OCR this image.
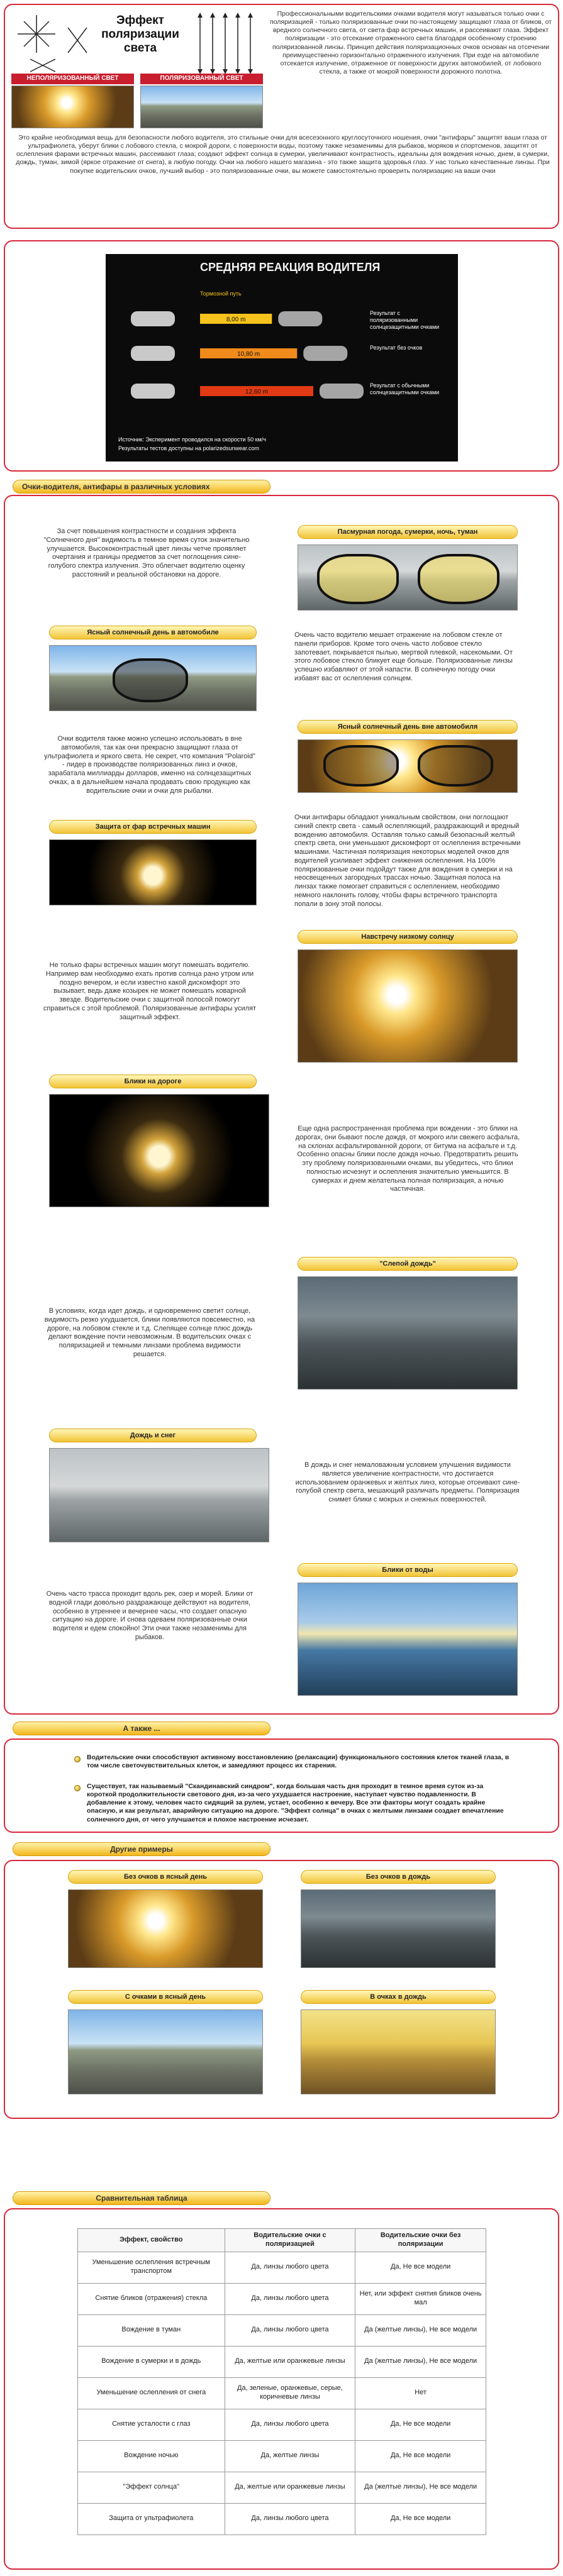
Эффект
поляризации
света
НЕПОЛЯРИЗОВАННЫЙ СВЕТ	ПОЛЯРИЗОВАННЫЙ СВЕТ
Профессиональными водительскими очками водителя могут называться только очки с поляризацией - только поляризованные очки по-настоящему защищают глаза от бликов, от вредного солнечного света, от света фар встречных машин, и рассеивают глаза. Эффект поляризации - это отсекание отраженного света благодаря особенному строению поляризованной линзы. Принцип действия поляризационных очков основан на отсечении преимущественно горизонтально отраженного излучения. При езде на автомобиле отсекается излучение, отраженное от поверхности других автомобилей, от лобового стекла, а также от мокрой поверхности дорожного полотна.
Это крайне необходимая вещь для безопасности любого водителя, это стильные очки для всесезонного круглосуточного ношения, очки "антифары" защитят ваши глаза от ультрафиолета, уберут блики с лобового стекла, с мокрой дороги, с поверхности воды, поэтому также незаменимы для рыбаков, моряков и спортсменов, защитят от ослепления фарами встречных машин, рассеивают глаза; создают эффект солнца в сумерки, увеличивают контрастность, идеальны для вождения ночью, днем, в сумерки, дождь, туман, зимой (яркое отражение от снега), в любую погоду. Очки на любого нашего магазина - это также защита здоровья глаз. У нас только качественные линзы. При покупке водительских очков, лучший выбор - это поляризованные очки, вы можете самостоятельно проверить поляризацию на ваши очки
СРЕДНЯЯ РЕАКЦИЯ ВОДИТЕЛЯ
Тормозной путь
8,00 m
Результат с поляризованными солнцезащитными очками
10,80 m
Результат без очков
12,60 m
Результат с обычными солнцезащитными очками
Источник: Эксперимент проводился на скорости 50 км/ч
Результаты тестов доступны на polarizedsunwear.com
Очки-водителя, антифары в различных условиях
За счет повышения контрастности и создания эффекта "Солнечного дня" видимость в темное время суток значительно улучшается. Высококонтрастный цвет линзы четче проявляет очертания и границы предметов за счет поглощения сине-голубого спектра излучения. Это облегчает водителю оценку расстояний и реальной обстановки на дороге.
Пасмурная погода, сумерки, ночь, туман
Ясный солнечный день в автомобиле	Очень часто водителю мешает отражение на лобовом стекле от панели приборов. Кроме того очень часто лобовое стекло запотевает, покрывается пылью, мертвой плевкой, насекомыми. От этого лобовое стекло бликует еще больше. Поляризованные линзы успешно избавляют от этой напасти. В солнечную погоду очки избавят вас от ослепления солнцем.
Очки водителя также можно успешно использовать в вне автомобиля, так как они прекрасно защищают глаза от ультрафиолета и яркого света. Не секрет, что компания "Polaroid" - лидер в производстве поляризованных линз и очков, зарабатала миллиарды долларов, именно на солнцезащитных очках, а в дальнейшем начала продавать свою продукцию как водительские очки и очки для рыбалки.
Ясный солнечный день вне автомобиля
Защита от фар встречных машин
Очки антифары обладают уникальным свойством, они поглощают синий спектр света - самый ослепляющий, раздражающий и вредный вождению автомобиля. Оставляя только самый безопасный желтый спектр света, они уменьшают дискомфорт от ослепления встречными машинами. Частичная поляризация некоторых моделей очков для водителей усиливает эффект снижения ослепления. На 100% поляризованные очки подойдут также для вождения в сумерки и на неосвещенных загородных трассах ночью. Защитная полоса на линзах также помогает справиться с ослеплением, необходимо немного наклонить голову, чтобы фары встречного транспорта попали в зону этой полосы.
Не только фары встречных машин могут помешать водителю. Например вам необходимо ехать против солнца рано утром или поздно вечером, и если известно какой дискомфорт это вызывает, ведь даже козырек не может помешать коварной звезде. Водительские очки с защитной полосой помогут справиться с этой проблемой. Поляризованные антифары усилят защитный эффект.
Навстречу низкому солнцу
Блики на дороге
Еще одна распространенная проблема при вождении - это блики на дорогах, они бывают после дождя, от мокрого или свежего асфальта, на склонах асфальтированной дороги, от битума на асфальте и т.д. Особенно опасны блики после дождя ночью. Предотвратить решить эту проблему поляризованными очками, вы убедитесь, что блики полностью исчезнут и ослепления значительно уменьшится. В сумерках и днем желательна полная поляризация, а ночью частичная.
"Слепой дождь"
В условиях, когда идет дождь, и одновременно светит солнце, видимость резко ухудшается, блики появляются повсеместно, на дороге, на лобовом стекле и т.д. Слепящее солнце плюс дождь делают вождение почти невозможным. В водительских очках с поляризацией и темными линзами проблема видимости решается.
Дождь и снег
В дождь и снег немаловажным условием улучшения видимости является увеличение контрастности, что достигается использованием оранжевых и желтых линз, которые отсеивают сине-голубой спектр света, мешающий различать предметы. Поляризация снимет блики с мокрых и снежных поверхностей.
Блики от воды
Очень часто трасса проходит вдоль рек, озер и морей. Блики от водной глади довольно раздражающе действуют на водителя, особенно в утреннее и вечернее часы, что создает опасную ситуацию на дороге. И снова одеваем поляризованные очки водителя и едем спокойно! Эти очки также незаменимы для рыбаков.
А также ...
Водительские очки способствуют активному восстановлению (релаксации) функционального состояния клеток тканей глаза, в том числе светочувствительных клеток, и замедляют процесс их старения.
Существует, так называемый "Скандинавский синдром", когда большая часть дня проходит в темное время суток из-за короткой продолжительности светового дня, из-за чего ухудшается настроение, наступает чувство подавленности. В добавление к этому, человек часто сидящий за рулем, устает, особенно к вечеру. Все эти факторы могут создать крайне опасную, и как результат, аварийную ситуацию на дороге. "Эффект солнца" в очках с желтыми линзами создает впечатление солнечного дня, от чего улучшается и плохое настроение исчезает.
Другие примеры
Без очков в ясный день	Без очков в дождь
С очками в ясный день	В очках в дождь
Сравнительная таблица
Эффект, свойство	Водительские очки с поляризацией	Водительские очки без поляризации
Уменьшение ослепления встречным транспортом	Да, линзы любого цвета	Да, Не все модели
Снятие бликов (отражения) стекла	Да, линзы любого цвета	Нет, или эффект снятия бликов очень мал
Вождение в туман	Да, линзы любого цвета	Да (желтые линзы), Не все модели
Вождение в сумерки и в дождь	Да, желтые или оранжевые линзы	Да (желтые линзы), Не все модели
Уменьшение ослепления от снега	Да, зеленые, оранжевые, серые, коричневые линзы	Нет
Снятие усталости с глаз	Да, линзы любого цвета	Да, Не все модели
Вождение ночью	Да, желтые линзы	Да, Не все модели
"Эффект солнца"	Да, желтые или оранжевые линзы	Да (желтые линзы), Не все модели
Защита от ультрафиолета	Да, линзы любого цвета	Да, Не все модели
